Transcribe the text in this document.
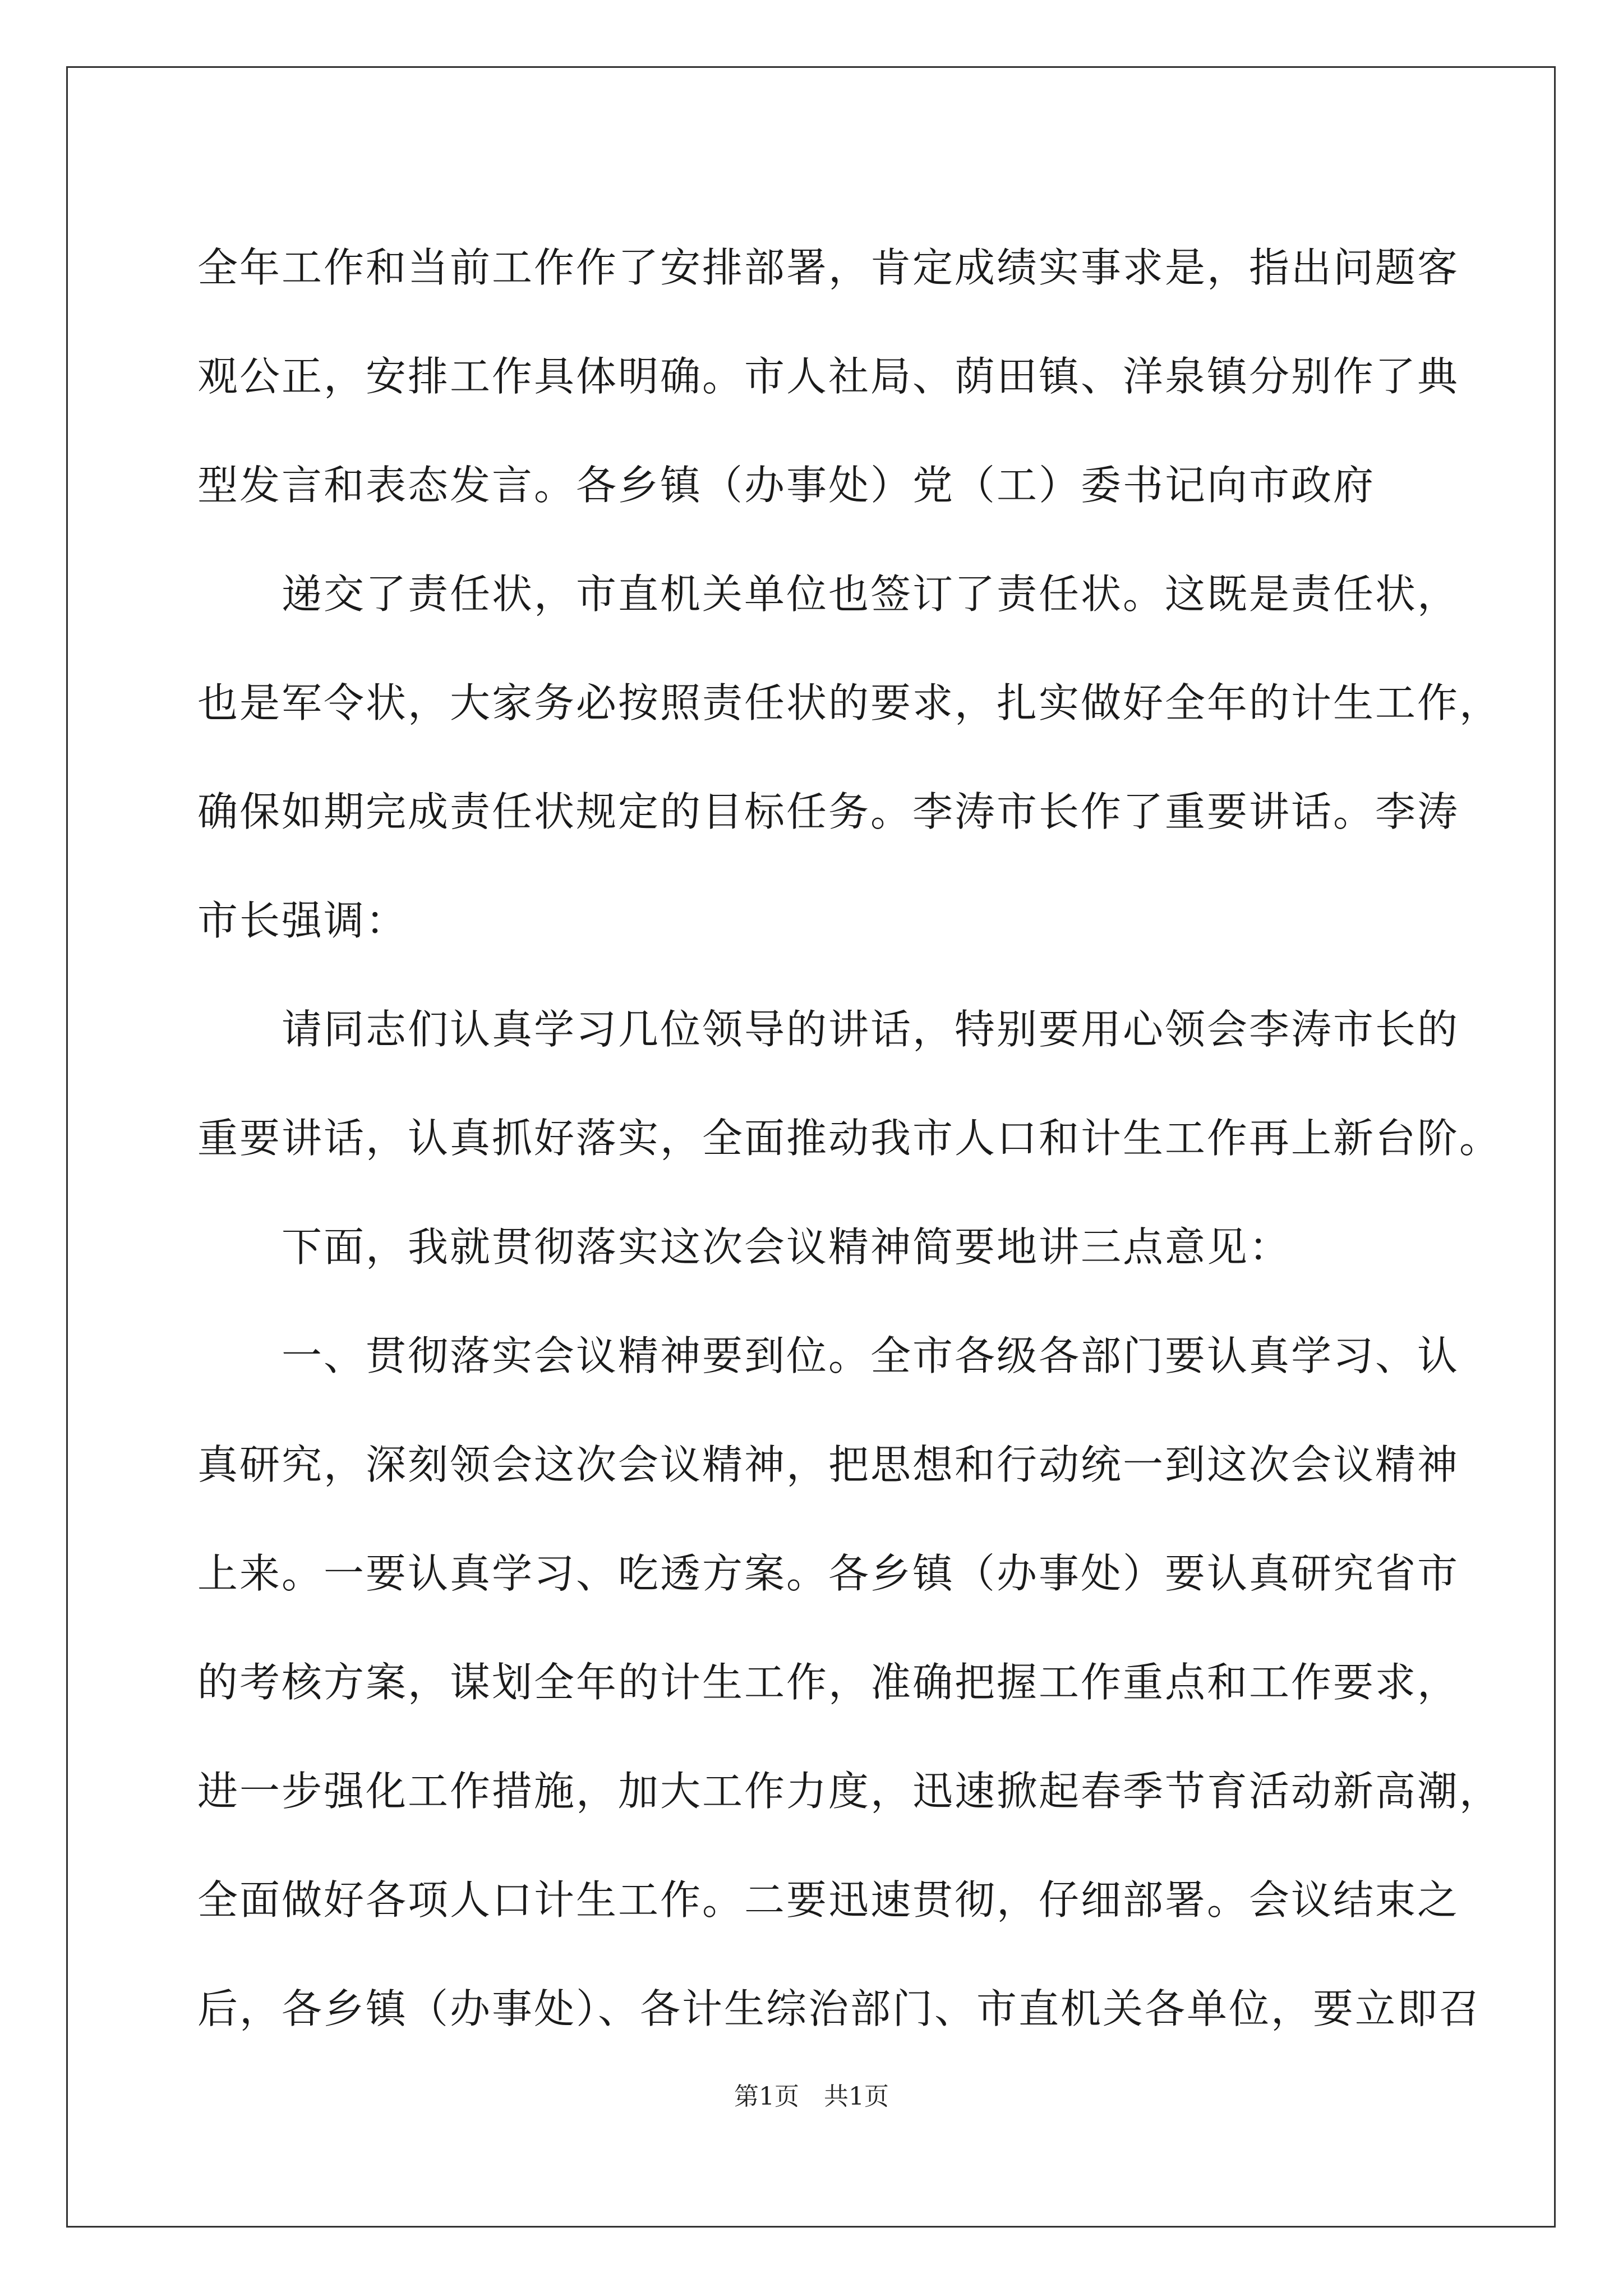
全年工作和当前工作作了安排部署，肯定成绩实事求是，指出问题客
观公正，安排工作具体明确。市人社局、荫田镇、洋泉镇分别作了典
型发言和表态发言。各乡镇（办事处）党（工）委书记向市政府
递交了责任状，市直机关单位也签订了责任状。这既是责任状，
也是军令状，大家务必按照责任状的要求，扎实做好全年的计生工作，
确保如期完成责任状规定的目标任务。李涛市长作了重要讲话。李涛
市长强调：
请同志们认真学习几位领导的讲话，特别要用心领会李涛市长的
重要讲话，认真抓好落实，全面推动我市人口和计生工作再上新台阶。
下面，我就贯彻落实这次会议精神简要地讲三点意见：
一、贯彻落实会议精神要到位。全市各级各部门要认真学习、认
真研究，深刻领会这次会议精神，把思想和行动统一到这次会议精神
上来。一要认真学习、吃透方案。各乡镇（办事处）要认真研究省市
的考核方案，谋划全年的计生工作，准确把握工作重点和工作要求，
进一步强化工作措施，加大工作力度，迅速掀起春季节育活动新高潮，
全面做好各项人口计生工作。二要迅速贯彻，仔细部署。会议结束之
后，各乡镇（办事处）、各计生综治部门、市直机关各单位，要立即召
第1页　共1页
